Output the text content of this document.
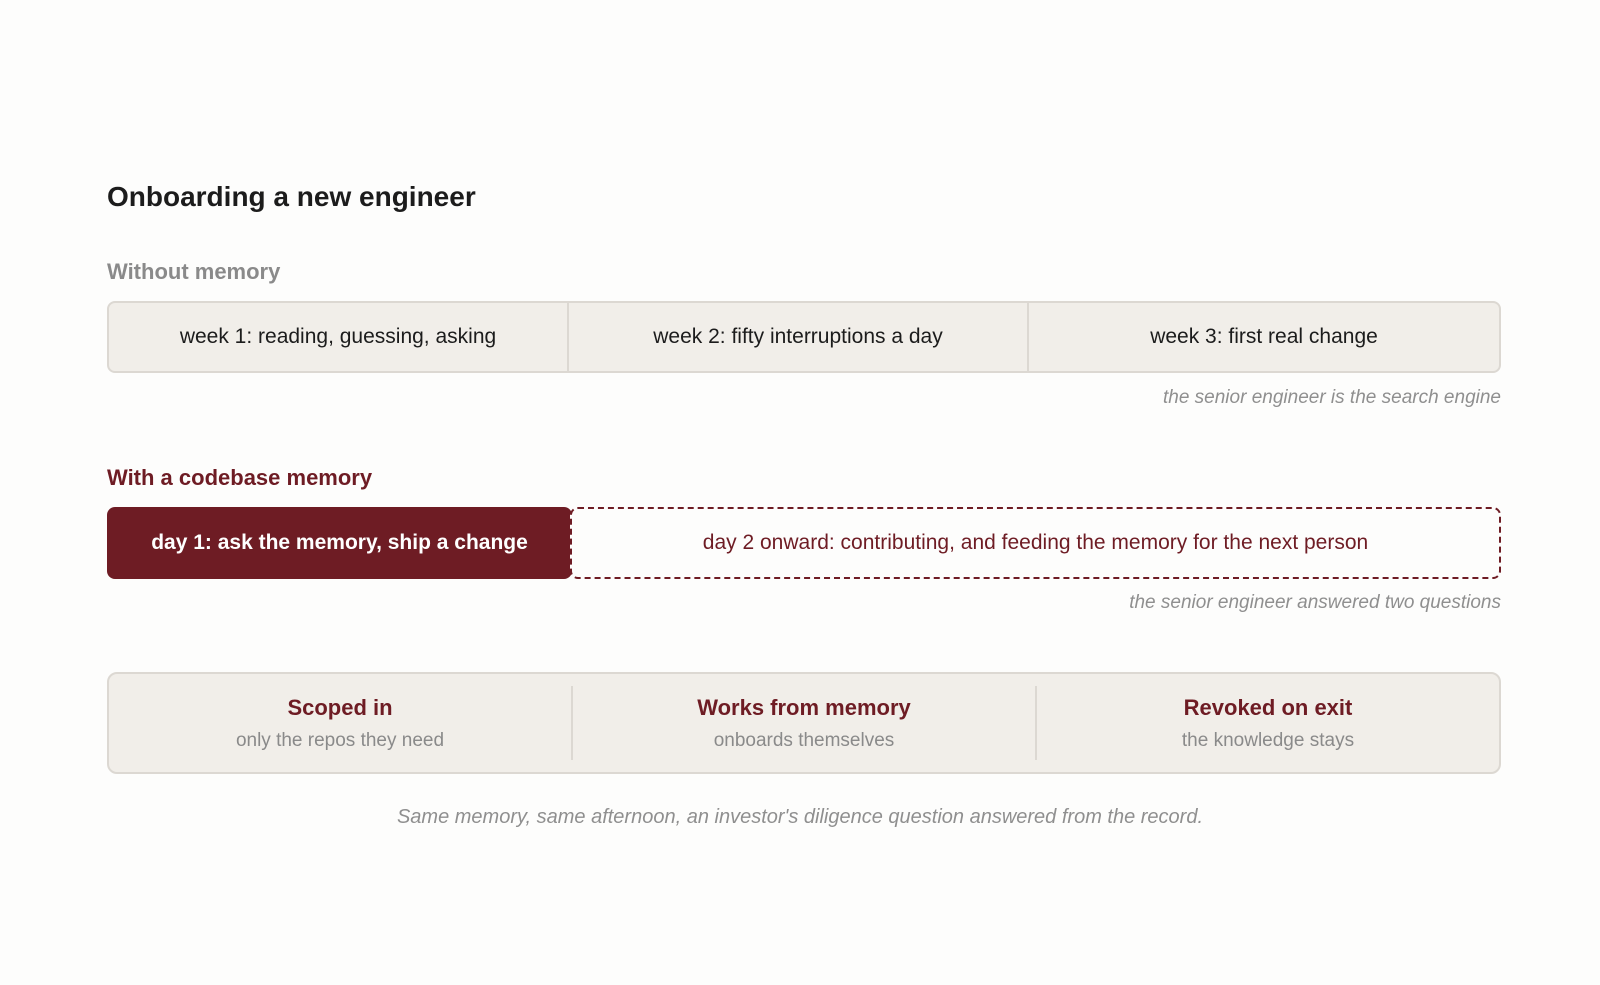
Onboarding a new engineer
Without memory
week 1: reading, guessing, asking	week 2: fifty interruptions a day	week 3: first real change
the senior engineer is the search engine
With a codebase memory
day 1: ask the memory, ship a change	day 2 onward: contributing, and feeding the memory for the next person
the senior engineer answered two questions
Scoped in
only the repos they need
Works from memory
onboards themselves
Revoked on exit
the knowledge stays
Same memory, same afternoon, an investor's diligence question answered from the record.
